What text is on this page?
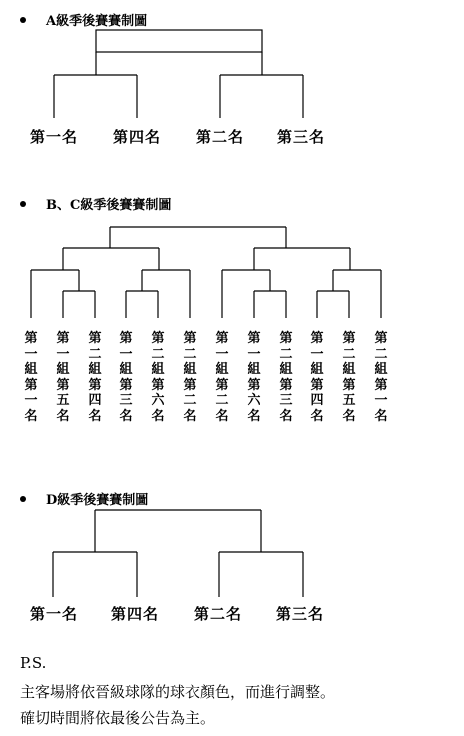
A級季後賽賽制圖
第一名 第四名 第二名 第三名
B、C級季後賽賽制圖
第
一
組
第
一
名
第
一
組
第
五
名
第
二
組
第
四
名
第
一
組
第
三
名
第
二
組
第
六
名
第
二
組
第
二
名
第
一
組
第
二
名
第
一
組
第
六
名
第
二
組
第
三
名
第
一
組
第
四
名
第
二
組
第
五
名
第
二
組
第
一
名
D級季後賽賽制圖
第一名 第四名 第二名 第三名
P.S.
主客場將依晉級球隊的球衣顏色，而進行調整。
確切時間將依最後公告為主。
